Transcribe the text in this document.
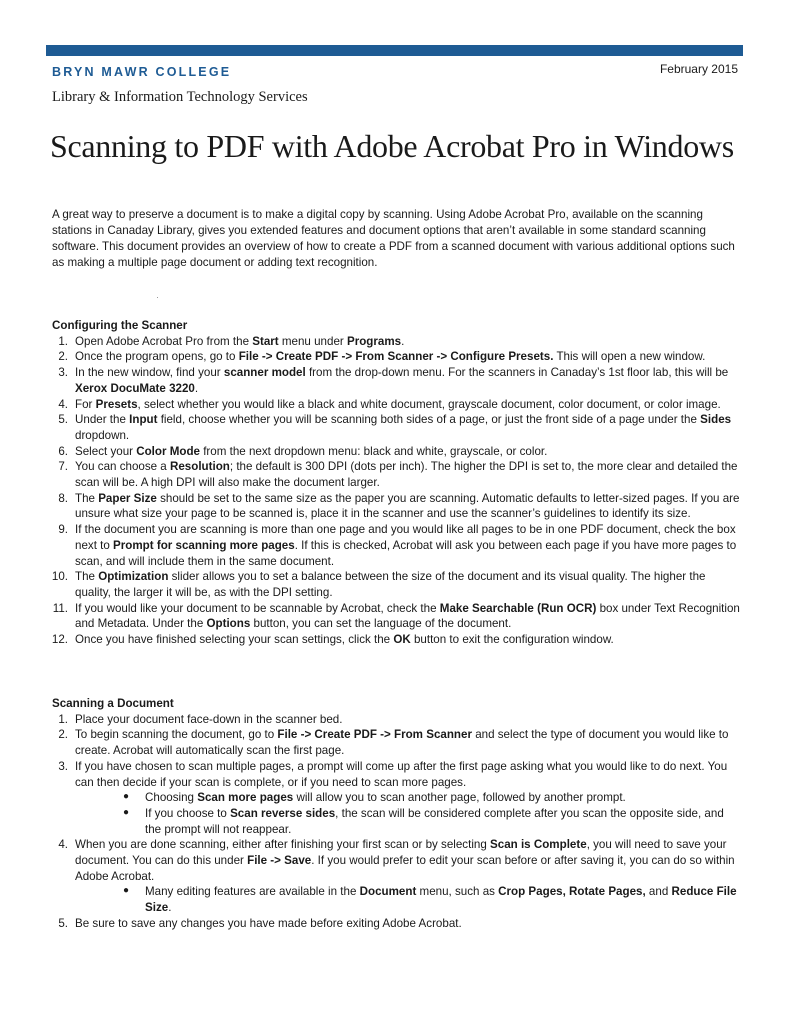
BRYN MAWR COLLEGE	February 2015
Library & Information Technology Services
Scanning to PDF with Adobe Acrobat Pro in Windows

A great way to preserve a document is to make a digital copy by scanning. Using Adobe Acrobat Pro, available on the scanning stations in Canaday Library, gives you extended features and document options that aren’t available in some standard scanning software. This document provides an overview of how to create a PDF from a scanned document with various additional options such as making a multiple page document or adding text recognition.

Configuring the Scanner
1. Open Adobe Acrobat Pro from the Start menu under Programs.
2. Once the program opens, go to File -> Create PDF -> From Scanner -> Configure Presets. This will open a new window.
3. In the new window, find your scanner model from the drop-down menu. For the scanners in Canaday’s 1st floor lab, this will be Xerox DocuMate 3220.
4. For Presets, select whether you would like a black and white document, grayscale document, color document, or color image.
5. Under the Input field, choose whether you will be scanning both sides of a page, or just the front side of a page under the Sides dropdown.
6. Select your Color Mode from the next dropdown menu: black and white, grayscale, or color.
7. You can choose a Resolution; the default is 300 DPI (dots per inch). The higher the DPI is set to, the more clear and detailed the scan will be. A high DPI will also make the document larger.
8. The Paper Size should be set to the same size as the paper you are scanning. Automatic defaults to letter-sized pages. If you are unsure what size your page to be scanned is, place it in the scanner and use the scanner’s guidelines to identify its size.
9. If the document you are scanning is more than one page and you would like all pages to be in one PDF document, check the box next to Prompt for scanning more pages. If this is checked, Acrobat will ask you between each page if you have more pages to scan, and will include them in the same document.
10. The Optimization slider allows you to set a balance between the size of the document and its visual quality. The higher the quality, the larger it will be, as with the DPI setting.
11. If you would like your document to be scannable by Acrobat, check the Make Searchable (Run OCR) box under Text Recognition and Metadata. Under the Options button, you can set the language of the document.
12. Once you have finished selecting your scan settings, click the OK button to exit the configuration window.
Scanning a Document
1. Place your document face-down in the scanner bed.
2. To begin scanning the document, go to File -> Create PDF -> From Scanner and select the type of document you would like to create. Acrobat will automatically scan the first page.
3. If you have chosen to scan multiple pages, a prompt will come up after the first page asking what you would like to do next. You can then decide if your scan is complete, or if you need to scan more pages.
● Choosing Scan more pages will allow you to scan another page, followed by another prompt.
● If you choose to Scan reverse sides, the scan will be considered complete after you scan the opposite side, and the prompt will not reappear.
4. When you are done scanning, either after finishing your first scan or by selecting Scan is Complete, you will need to save your document. You can do this under File -> Save. If you would prefer to edit your scan before or after saving it, you can do so within Adobe Acrobat.
● Many editing features are available in the Document menu, such as Crop Pages, Rotate Pages, and Reduce File Size.
5. Be sure to save any changes you have made before exiting Adobe Acrobat.
